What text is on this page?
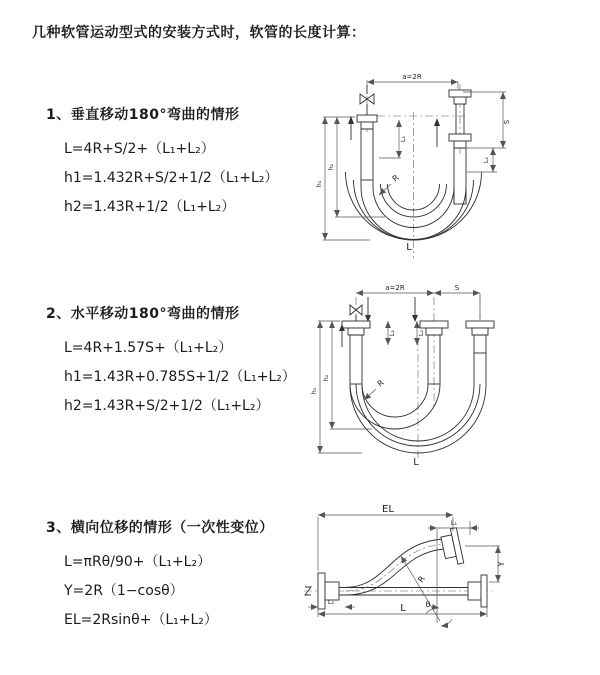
几种软管运动型式的安装方式时，软管的长度计算：
1、垂直移动180°弯曲的情形
L=4R+S/2+（L₁+L₂）
h1=1.432R+S/2+1/2（L₁+L₂）
h2=1.43R+1/2（L₁+L₂）
2、水平移动180°弯曲的情形
L=4R+1.57S+（L₁+L₂）
h1=1.43R+0.785S+1/2（L₁+L₂）
h2=1.43R+S/2+1/2（L₁+L₂）
3、横向位移的情形（一次性变位）
L=πRθ/90+（L₁+L₂）
Y=2R（1−cosθ）
EL=2Rsinθ+（L₁+L₂）
a=2R
S
L₂
L₁
h₁
h₂
R
L
a=2R	S
L₁	L₂
h₁
h₂
R
L
R
θ
EL
L₁
Y
L₂
L
